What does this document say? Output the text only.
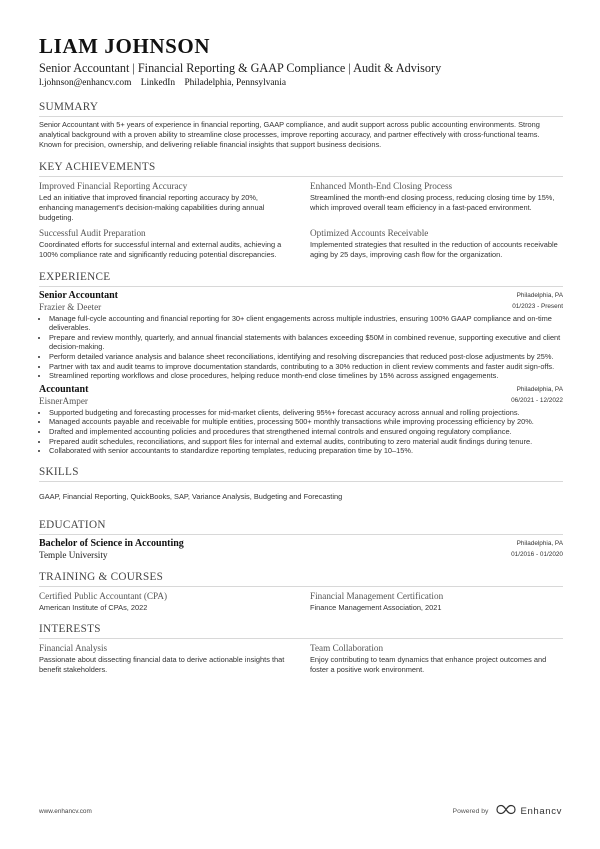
LIAM JOHNSON
Senior Accountant | Financial Reporting & GAAP Compliance | Audit & Advisory
l.johnson@enhancv.com LinkedIn Philadelphia, Pennsylvania
SUMMARY

Senior Accountant with 5+ years of experience in financial reporting, GAAP compliance, and audit support across public accounting environments. Strong analytical background with a proven ability to streamline close processes, improve reporting accuracy, and partner effectively with cross-functional teams. Known for precision, ownership, and delivering reliable financial insights that support business decisions.

KEY ACHIEVEMENTS
Improved Financial Reporting Accuracy

Led an initiative that improved financial reporting accuracy by 20%, enhancing management's decision-making capabilities during annual budgeting.

Enhanced Month-End Closing Process

Streamlined the month-end closing process, reducing closing time by 15%, which improved overall team efficiency in a fast-paced environment.

Successful Audit Preparation

Coordinated efforts for successful internal and external audits, achieving a 100% compliance rate and significantly reducing potential discrepancies.

Optimized Accounts Receivable

Implemented strategies that resulted in the reduction of accounts receivable aging by 25 days, improving cash flow for the organization.

EXPERIENCE
Senior Accountant
Frazier & Deeter
Philadelphia, PA
01/2023 - Present
• Manage full-cycle accounting and financial reporting for 30+ client engagements across multiple industries, ensuring 100% GAAP compliance and on-time deliverables.
• Prepare and review monthly, quarterly, and annual financial statements with balances exceeding $50M in combined revenue, supporting executive and client decision-making.
• Perform detailed variance analysis and balance sheet reconciliations, identifying and resolving discrepancies that reduced post-close adjustments by 25%.
• Partner with tax and audit teams to improve documentation standards, contributing to a 30% reduction in client review comments and faster audit sign-offs.
• Streamlined reporting workflows and close procedures, helping reduce month-end close timelines by 15% across assigned engagements.
Accountant
EisnerAmper
Philadelphia, PA
06/2021 - 12/2022
• Supported budgeting and forecasting processes for mid-market clients, delivering 95%+ forecast accuracy across annual and rolling projections.
• Managed accounts payable and receivable for multiple entities, processing 500+ monthly transactions while improving processing efficiency by 20%.
• Drafted and implemented accounting policies and procedures that strengthened internal controls and ensured ongoing regulatory compliance.
• Prepared audit schedules, reconciliations, and support files for internal and external audits, contributing to zero material audit findings during tenure.
• Collaborated with senior accountants to standardize reporting templates, reducing preparation time by 10–15%.
SKILLS
GAAP, Financial Reporting, QuickBooks, SAP, Variance Analysis, Budgeting and Forecasting
EDUCATION
Bachelor of Science in Accounting
Temple University
Philadelphia, PA
01/2016 - 01/2020
TRAINING & COURSES
Certified Public Accountant (CPA)

American Institute of CPAs, 2022

Financial Management Certification

Finance Management Association, 2021

INTERESTS
Financial Analysis

Passionate about dissecting financial data to derive actionable insights that benefit stakeholders.

Team Collaboration

Enjoy contributing to team dynamics that enhance project outcomes and foster a positive work environment.

www.enhancv.com	Powered by	Enhancv
